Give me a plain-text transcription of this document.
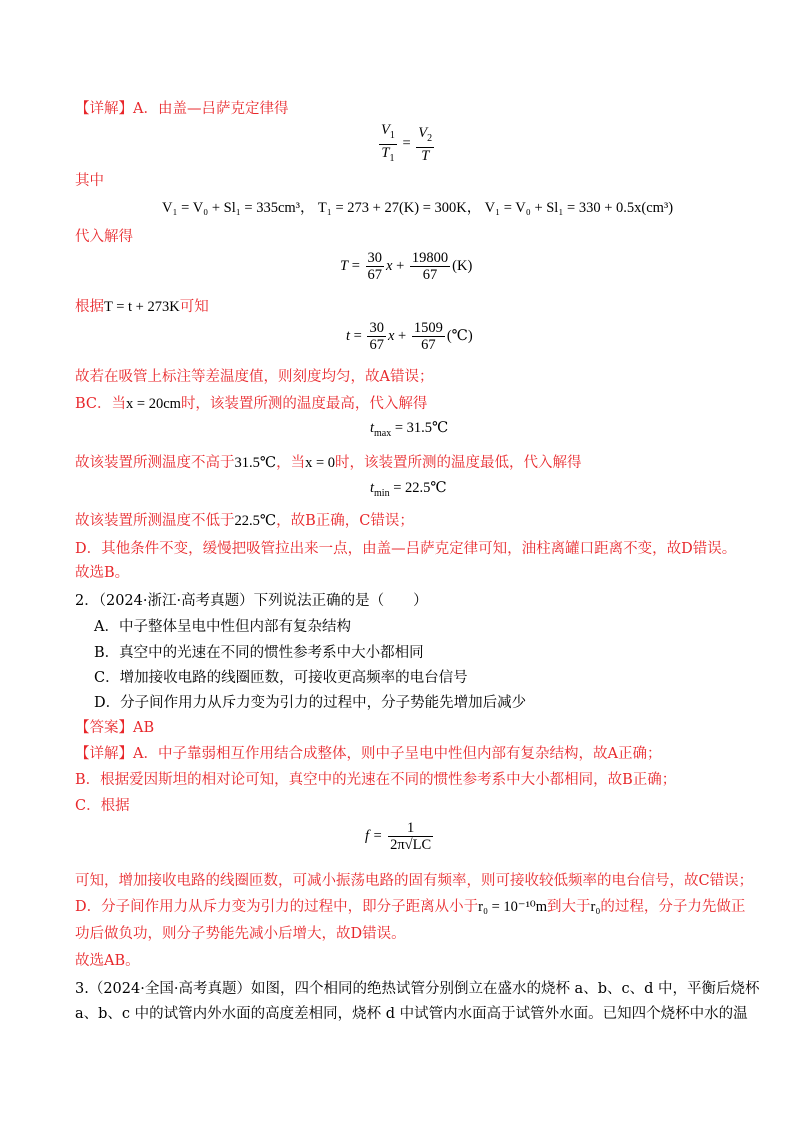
【详解】A．由盖—吕萨克定律得
$\frac{V_1}{T_1} = \frac{V_2}{T}$
其中
V₁ = V₀ + Sl₁ = 335cm³， T₁ = 273 + 27(K) = 300K， V₁ = V₀ + Sl₁ = 330 + 0.5x(cm³)
代入解得
$T = \frac{30}{67}$ $x + \frac{19800}{67} (K)$
根据T = t + 273K可知
$t = \frac{30}{67}$ $x + \frac{1509}{67}$ (℃)
故若在吸管上标注等差温度值，则刻度均匀，故A错误；
BC．当x = 20cm时，该装置所测的温度最高，代入解得
$t_{max}$ = 31.5℃
故该装置所测温度不高于31.5℃，当x = 0时，该装置所测的温度最低，代入解得
$t_{min}$ = 22.5℃
故该装置所测温度不低于22.5℃，故B正确，C错误；
D．其他条件不变，缓慢把吸管拉出来一点，由盖—吕萨克定律可知，油柱离罐口距离不变，故D错误。
故选B。
2．（2024·浙江·高考真题）下列说法正确的是（　　）
A．中子整体呈电中性但内部有复杂结构
B．真空中的光速在不同的惯性参考系中大小都相同
C．增加接收电路的线圈匝数，可接收更高频率的电台信号
D．分子间作用力从斥力变为引力的过程中，分子势能先增加后减少
【答案】AB
【详解】A．中子靠弱相互作用结合成整体，则中子呈电中性但内部有复杂结构，故A正确；
B．根据爱因斯坦的相对论可知，真空中的光速在不同的惯性参考系中大小都相同，故B正确；
C．根据
$f = \frac{1}{2\pi√LC}$
可知，增加接收电路的线圈匝数，可减小振荡电路的固有频率，则可接收较低频率的电台信号，故C错误；
D．分子间作用力从斥力变为引力的过程中，即分子距离从小于r₀ = 10⁻¹⁰m到大于r₀的过程，分子力先做正
功后做负功，则分子势能先减小后增大，故D错误。
故选AB。
3.（2024·全国·高考真题）如图，四个相同的绝热试管分别倒立在盛水的烧杯 a、b、c、d 中，平衡后烧杯
a、b、c 中的试管内外水面的高度差相同，烧杯 d 中试管内水面高于试管外水面。已知四个烧杯中水的温
